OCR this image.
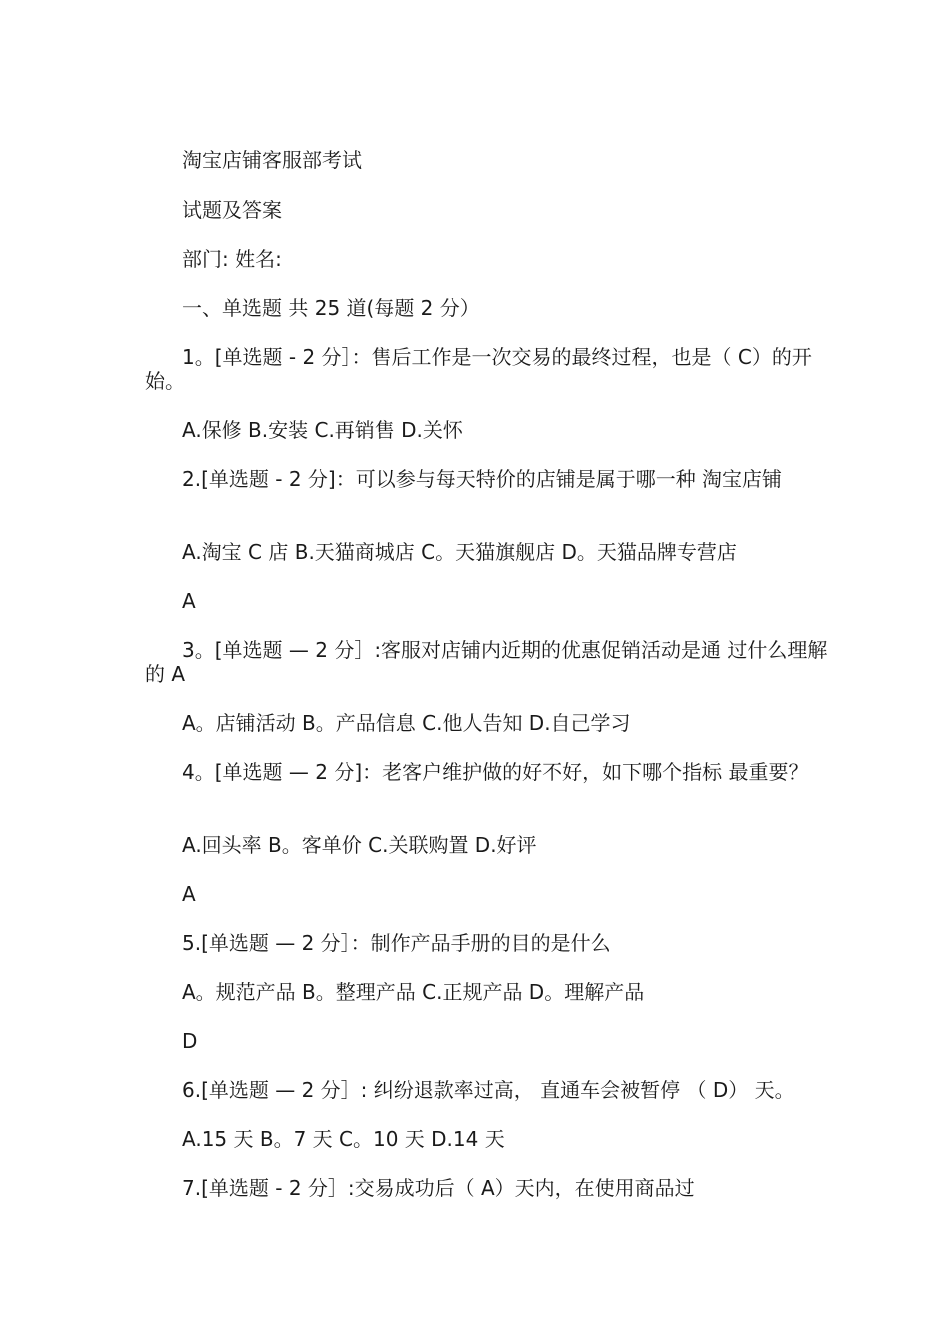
淘宝店铺客服部考试
试题及答案
部门: 姓名:
一、单选题 共 25 道(每题 2 分）
1。[单选题 - 2 分］：售后工作是一次交易的最终过程，也是（ C）的开始。
A.保修 B.安装 C.再销售 D.关怀
2.[单选题 - 2 分]：可以参与每天特价的店铺是属于哪一种 淘宝店铺
A.淘宝 C 店 B.天猫商城店 C。天猫旗舰店 D。天猫品牌专营店
A
3。[单选题 — 2 分］:客服对店铺内近期的优惠促销活动是通 过什么理解的 A
A。店铺活动 B。产品信息 C.他人告知 D.自己学习
4。[单选题 — 2 分]：老客户维护做的好不好，如下哪个指标 最重要？
A.回头率 B。客单价 C.关联购置 D.好评
A
5.[单选题 — 2 分］：制作产品手册的目的是什么
A。规范产品 B。整理产品 C.正规产品 D。理解产品
D
6.[单选题 — 2 分］: 纠纷退款率过高， 直通车会被暂停 （ D） 天。
A.15 天 B。7 天 C。10 天 D.14 天
7.[单选题 - 2 分］:交易成功后（ A）天内，在使用商品过
